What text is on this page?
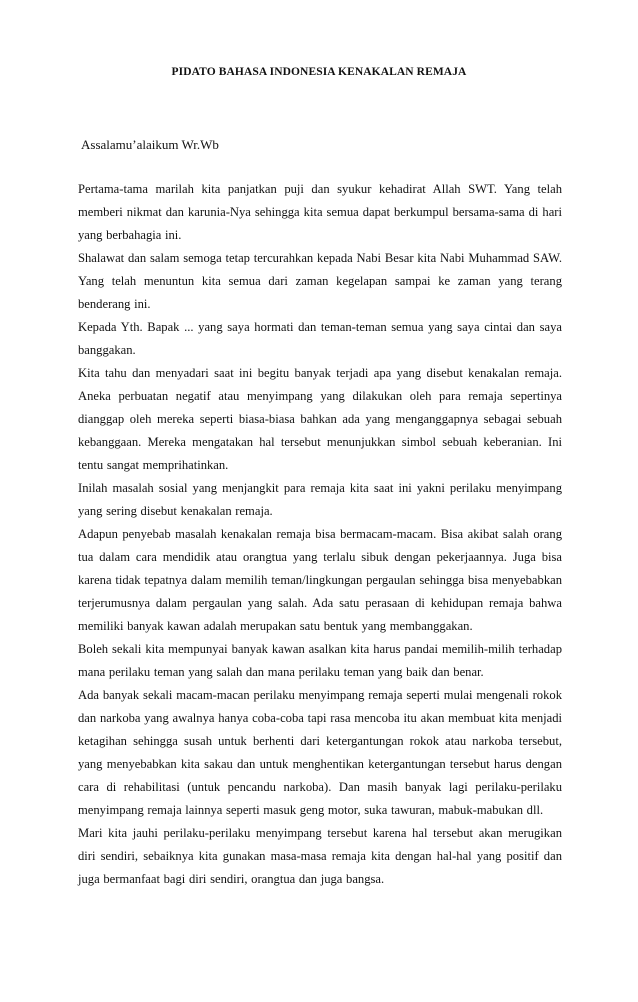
PIDATO BAHASA INDONESIA KENAKALAN REMAJA

Assalamu’alaikum Wr.Wb

Pertama-tama marilah kita panjatkan puji dan syukur kehadirat Allah SWT. Yang telah memberi nikmat dan karunia-Nya sehingga kita semua dapat berkumpul bersama-sama di hari yang berbahagia ini.

Shalawat dan salam semoga tetap tercurahkan kepada Nabi Besar kita Nabi Muhammad SAW. Yang telah menuntun kita semua dari zaman kegelapan sampai ke zaman yang terang benderang ini.

Kepada Yth. Bapak ... yang saya hormati dan teman-teman semua yang saya cintai dan saya banggakan.

Kita tahu dan menyadari saat ini begitu banyak terjadi apa yang disebut kenakalan remaja. Aneka perbuatan negatif atau menyimpang yang dilakukan oleh para remaja sepertinya dianggap oleh mereka seperti biasa-biasa bahkan ada yang menganggapnya sebagai sebuah kebanggaan. Mereka mengatakan hal tersebut menunjukkan simbol sebuah keberanian. Ini tentu sangat memprihatinkan.

Inilah masalah sosial yang menjangkit para remaja kita saat ini yakni perilaku menyimpang yang sering disebut kenakalan remaja.

Adapun penyebab masalah kenakalan remaja bisa bermacam-macam. Bisa akibat salah orang tua dalam cara mendidik atau orangtua yang terlalu sibuk dengan pekerjaannya. Juga bisa karena tidak tepatnya dalam memilih teman/lingkungan pergaulan sehingga bisa menyebabkan terjerumusnya dalam pergaulan yang salah. Ada satu perasaan di kehidupan remaja bahwa memiliki banyak kawan adalah merupakan satu bentuk yang membanggakan.

Boleh sekali kita mempunyai banyak kawan asalkan kita harus pandai memilih-milih terhadap mana perilaku teman yang salah dan mana perilaku teman yang baik dan benar.

Ada banyak sekali macam-macan perilaku menyimpang remaja seperti mulai mengenali rokok dan narkoba yang awalnya hanya coba-coba tapi rasa mencoba itu akan membuat kita menjadi ketagihan sehingga susah untuk berhenti dari ketergantungan rokok atau narkoba tersebut, yang menyebabkan kita sakau dan untuk menghentikan ketergantungan tersebut harus dengan cara di rehabilitasi (untuk pencandu narkoba). Dan masih banyak lagi perilaku-perilaku menyimpang remaja lainnya seperti masuk geng motor, suka tawuran, mabuk-mabukan dll.

Mari kita jauhi perilaku-perilaku menyimpang tersebut karena hal tersebut akan merugikan diri sendiri, sebaiknya kita gunakan masa-masa remaja kita dengan hal-hal yang positif dan juga bermanfaat bagi diri sendiri, orangtua dan juga bangsa.
